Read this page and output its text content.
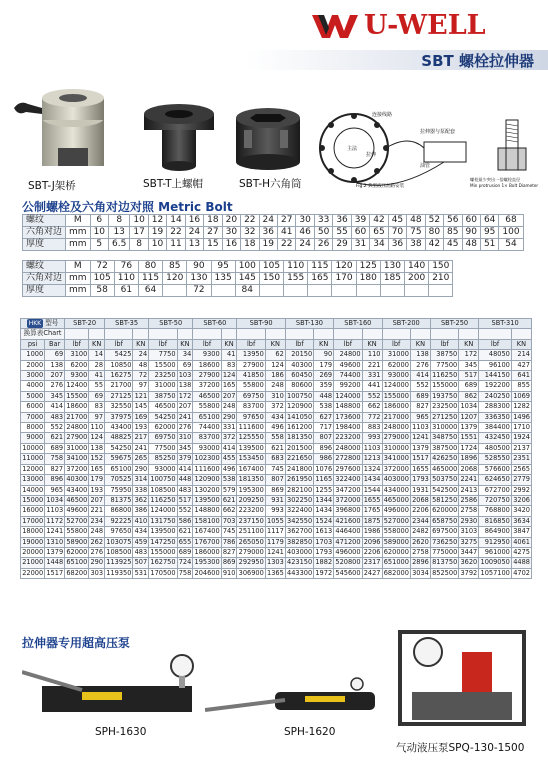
U-WELL
SBT 螺栓拉伸器
SBT-J架桥	SBT-T上螺帽	SBT-H六角筒
连接线路
拉伸器与泵配套
油管
主法
拉伸
Fig.2 典型液压油路安装
螺栓最少突出一倍螺栓直径
Min protrusion 1× Bolt Diameter
公制螺栓及六角对边对照 Metric Bolt
螺纹	M	6	8	10	12	14	16	18	20	22	24	27	30	33	36	39	42	45	48	52	56	60	64	68
六角对边	mm	10	13	17	19	22	24	27	30	32	36	41	46	50	55	60	65	70	75	80	85	90	95	100
厚度	mm	5	6.5	8	10	11	13	15	16	18	19	22	24	26	29	31	34	36	38	42	45	48	51	54
螺纹	M	72	76	80	85	90	95	100	105	110	115	120	125	130	140	150
六角对边	mm	105	110	115	120	130	135	145	150	155	165	170	180	185	200	210
厚度	mm	58	61	64		72		84								
HKK 型号		SBT-20		SBT-35		SBT-50		SBT-60		SBT-90		SBT-130		SBT-160		SBT-200		SBT-250		SBT-310	
换算表Chart																					
psi	Bar	lbf	KN	lbf	KN	lbf	KN	lbf	KN	lbf	KN	lbf	KN	lbf	KN	lbf	KN	lbf	KN	lbf	KN
1000	69	3100	14	5425	24	7750	34	9300	41	13950	62	20150	90	24800	110	31000	138	38750	172	48050	214
2000	138	6200	28	10850	48	15500	69	18600	83	27900	124	40300	179	49600	221	62000	276	77500	345	96100	427
3000	207	9300	41	16275	72	23250	103	27900	124	41850	186	60450	269	74400	331	93000	414	116250	517	144150	641
4000	276	12400	55	21700	97	31000	138	37200	165	55800	248	80600	359	99200	441	124000	552	155000	689	192200	855
5000	345	15500	69	27125	121	38750	172	46500	207	69750	310	100750	448	124000	552	155000	689	193750	862	240250	1069
6000	414	18600	83	32550	145	46500	207	55800	248	83700	372	120900	538	148800	662	186000	827	232500	1034	288300	1282
7000	483	21700	97	37975	169	54250	241	65100	290	97650	434	141050	627	173600	772	217000	965	271250	1207	336350	1496
8000	552	24800	110	43400	193	62000	276	74400	331	111600	496	161200	717	198400	883	248000	1103	310000	1379	384400	1710
9000	621	27900	124	48825	217	69750	310	83700	372	125550	558	181350	807	223200	993	279000	1241	348750	1551	432450	1924
10000	689	31000	138	54250	241	77500	345	93000	414	139500	621	201500	896	248000	1103	310000	1379	387500	1724	480500	2137
11000	758	34100	152	59675	265	85250	379	102300	455	153450	683	221650	986	272800	1213	341000	1517	426250	1896	528550	2351
12000	827	37200	165	65100	290	93000	414	111600	496	167400	745	241800	1076	297600	1324	372000	1655	465000	2068	576600	2565
13000	896	40300	179	70525	314	100750	448	120900	538	181350	807	261950	1165	322400	1434	403000	1793	503750	2241	624650	2779
14000	965	43400	193	75950	338	108500	483	130200	579	195300	869	282100	1255	347200	1544	434000	1931	542500	2413	672700	2992
15000	1034	46500	207	81375	362	116250	517	139500	621	209250	931	302250	1344	372000	1655	465000	2068	581250	2586	720750	3206
16000	1103	49600	221	86800	386	124000	552	148800	662	223200	993	322400	1434	396800	1765	496000	2206	620000	2758	768800	3420
17000	1172	52700	234	92225	410	131750	586	158100	703	237150	1055	342550	1524	421600	1875	527000	2344	658750	2930	816850	3634
18000	1241	55800	248	97650	434	139500	621	167400	745	251100	1117	362700	1613	446400	1986	558000	2482	697500	3103	864900	3847
19000	1310	58900	262	103075	459	147250	655	176700	786	265050	1179	382850	1703	471200	2096	589000	2620	736250	3275	912950	4061
20000	1379	62000	276	108500	483	155000	689	186000	827	279000	1241	403000	1793	496000	2206	620000	2758	775000	3447	961000	4275
21000	1448	65100	290	113925	507	162750	724	195300	869	292950	1303	423150	1882	520800	2317	651000	2896	813750	3620	1009050	4488
22000	1517	68200	303	119350	531	170500	758	204600	910	306900	1365	443300	1972	545600	2427	682000	3034	852500	3792	1057100	4702
拉伸器专用超高压泵
SPH-1630	SPH-1620
气动液压泵SPQ-130-1500
